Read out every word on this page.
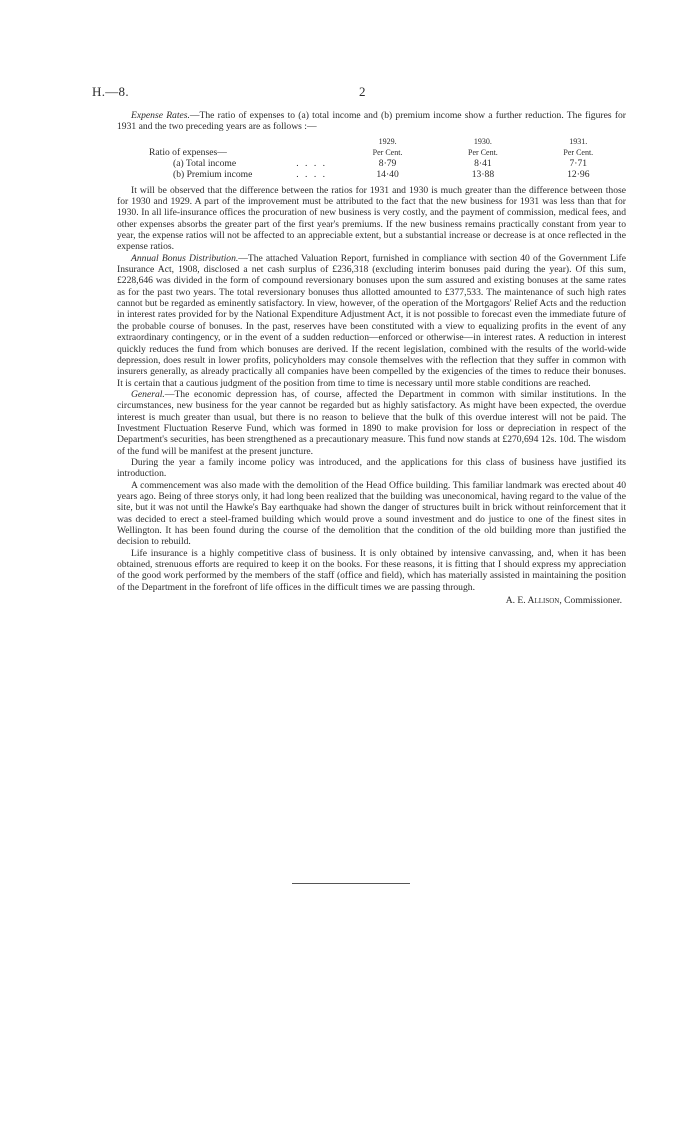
H.—8.	2

Expense Rates.—The ratio of expenses to (a) total income and (b) premium income show a further reduction. The figures for 1931 and the two preceding years are as follows :—

		1929.	1930.	1931.
Ratio of expenses—		Per Cent.	Per Cent.	Per Cent.
(a) Total income	. . . .	8·79	8·41	7·71
(b) Premium income	. . . .	14·40	13·88	12·96

It will be observed that the difference between the ratios for 1931 and 1930 is much greater than the difference between those for 1930 and 1929. A part of the improvement must be attributed to the fact that the new business for 1931 was less than that for 1930. In all life-insurance offices the procuration of new business is very costly, and the payment of commission, medical fees, and other expenses absorbs the greater part of the first year's premiums. If the new business remains practically constant from year to year, the expense ratios will not be affected to an appreciable extent, but a substantial increase or decrease is at once reflected in the expense ratios.

Annual Bonus Distribution.—The attached Valuation Report, furnished in compliance with section 40 of the Government Life Insurance Act, 1908, disclosed a net cash surplus of £236,318 (excluding interim bonuses paid during the year). Of this sum, £228,646 was divided in the form of compound reversionary bonuses upon the sum assured and existing bonuses at the same rates as for the past two years. The total reversionary bonuses thus allotted amounted to £377,533. The maintenance of such high rates cannot but be regarded as eminently satisfactory. In view, however, of the operation of the Mortgagors' Relief Acts and the reduction in interest rates provided for by the National Expenditure Adjustment Act, it is not possible to forecast even the immediate future of the probable course of bonuses. In the past, reserves have been constituted with a view to equalizing profits in the event of any extraordinary contingency, or in the event of a sudden reduction—enforced or otherwise—in interest rates. A reduction in interest quickly reduces the fund from which bonuses are derived. If the recent legislation, combined with the results of the world-wide depression, does result in lower profits, policyholders may console themselves with the reflection that they suffer in common with insurers generally, as already practically all companies have been compelled by the exigencies of the times to reduce their bonuses. It is certain that a cautious judgment of the position from time to time is necessary until more stable conditions are reached.

General.—The economic depression has, of course, affected the Department in common with similar institutions. In the circumstances, new business for the year cannot be regarded but as highly satisfactory. As might have been expected, the overdue interest is much greater than usual, but there is no reason to believe that the bulk of this overdue interest will not be paid. The Investment Fluctuation Reserve Fund, which was formed in 1890 to make provision for loss or depreciation in respect of the Department's securities, has been strengthened as a precautionary measure. This fund now stands at £270,694 12s. 10d. The wisdom of the fund will be manifest at the present juncture.

During the year a family income policy was introduced, and the applications for this class of business have justified its introduction.

A commencement was also made with the demolition of the Head Office building. This familiar landmark was erected about 40 years ago. Being of three storys only, it had long been realized that the building was uneconomical, having regard to the value of the site, but it was not until the Hawke's Bay earthquake had shown the danger of structures built in brick without reinforcement that it was decided to erect a steel-framed building which would prove a sound investment and do justice to one of the finest sites in Wellington. It has been found during the course of the demolition that the condition of the old building more than justified the decision to rebuild.

Life insurance is a highly competitive class of business. It is only obtained by intensive canvassing, and, when it has been obtained, strenuous efforts are required to keep it on the books. For these reasons, it is fitting that I should express my appreciation of the good work performed by the members of the staff (office and field), which has materially assisted in maintaining the position of the Department in the forefront of life offices in the difficult times we are passing through.

A. E. Allison, Commissioner.
